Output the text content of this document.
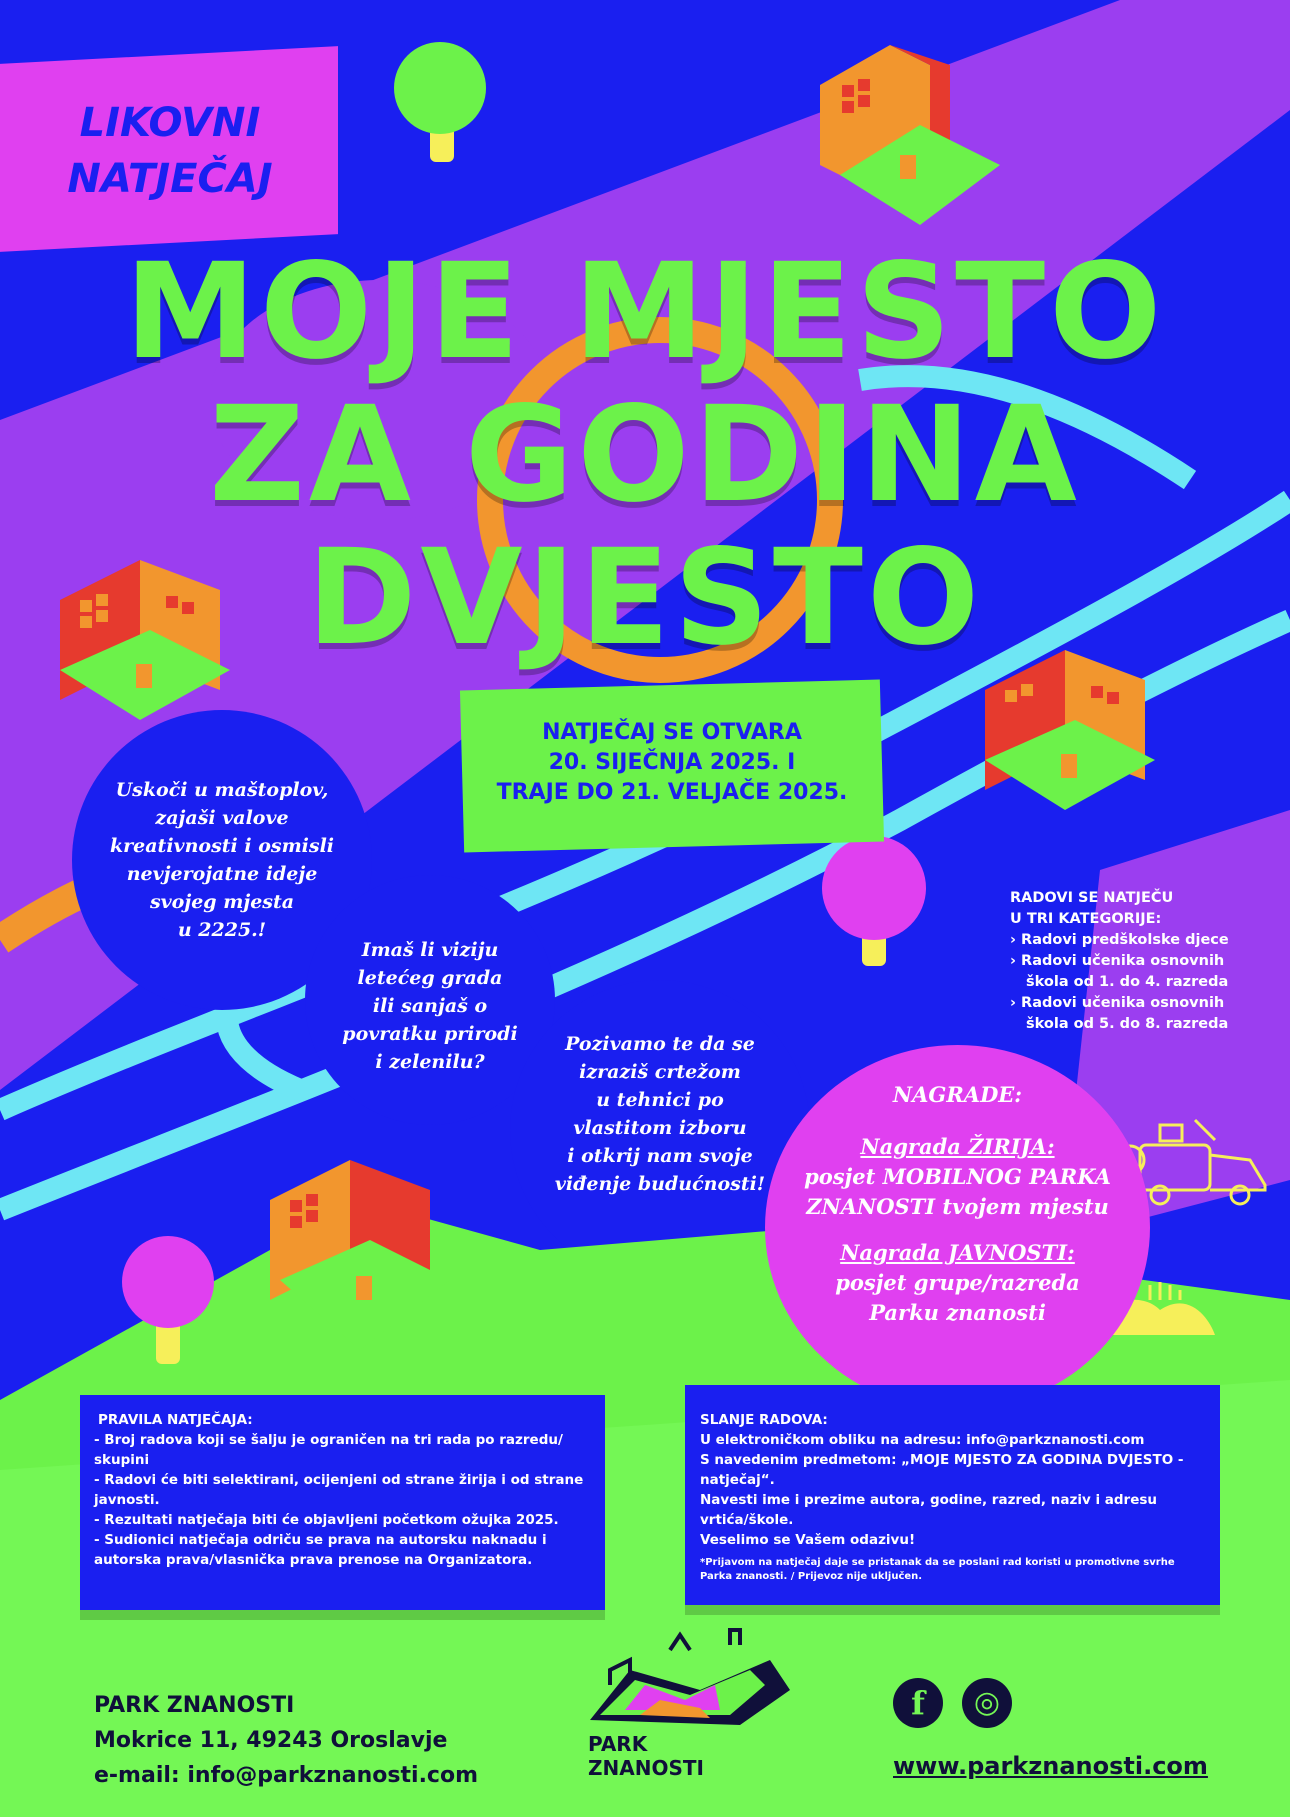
LIKOVNI
NATJEČAJ
MOJE MJESTO
ZA GODINA
DVJESTO
NATJEČAJ SE OTVARA
20. SIJEČNJA 2025. I
TRAJE DO 21. VELJAČE 2025.
Uskoči u maštoplov,
zajaši valove
kreativnosti i osmisli
nevjerojatne ideje
svojeg mjesta
u 2225.!
Imaš li viziju
letećeg grada
ili sanjaš o
povratku prirodi
i zelenilu?
Pozivamo te da se
izraziš crtežom
u tehnici po
vlastitom izboru
i otkrij nam svoje
viđenje budućnosti!
RADOVI SE NATJEČU
U TRI KATEGORIJE:
› Radovi predškolske djece
› Radovi učenika osnovnih škola od 1. do 4. razreda
› Radovi učenika osnovnih škola od 5. do 8. razreda
NAGRADE:
Nagrada ŽIRIJA:
posjet MOBILNOG PARKA
ZNANOSTI tvojem mjestu
Nagrada JAVNOSTI:
posjet grupe/razreda
Parku znanosti
PRAVILA NATJEČAJA:
- Broj radova koji se šalju je ograničen na tri rada po razredu/ skupini
- Radovi će biti selektirani, ocijenjeni od strane žirija i od strane javnosti.
- Rezultati natječaja biti će objavljeni početkom ožujka 2025.
- Sudionici natječaja odriču se prava na autorsku naknadu i autorska prava/vlasnička prava prenose na Organizatora.
SLANJE RADOVA:
U elektroničkom obliku na adresu: info@parkznanosti.com
S navedenim predmetom: „MOJE MJESTO ZA GODINA DVJESTO - natječaj“.
Navesti ime i prezime autora, godine, razred, naziv i adresu vrtića/škole.
Veselimo se Vašem odazivu!
*Prijavom na natječaj daje se pristanak da se poslani rad koristi u promotivne svrhe Parka znanosti. / Prijevoz nije uključen.
PARK ZNANOSTI
Mokrice 11, 49243 Oroslavje
e-mail: info@parkznanosti.com
PARK
ZNANOSTI
f	◎
www.parkznanosti.com
